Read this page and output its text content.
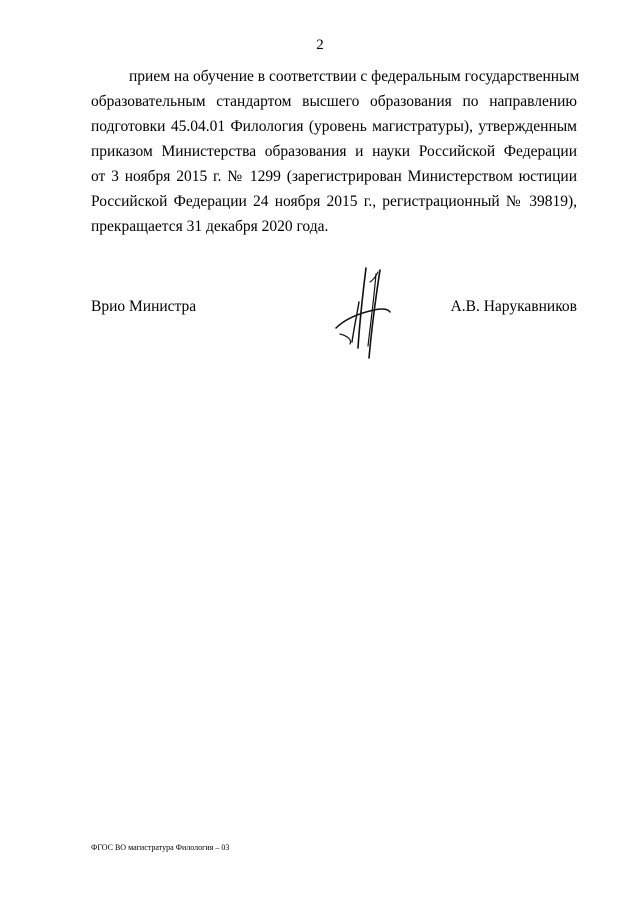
2
прием на обучение в соответствии с федеральным государственным
образовательным стандартом высшего образования по направлению
подготовки 45.04.01 Филология (уровень магистратуры), утвержденным
приказом Министерства образования и науки Российской Федерации
от 3 ноября 2015 г. № 1299 (зарегистрирован Министерством юстиции
Российской Федерации 24 ноября 2015 г., регистрационный № 39819),
прекращается 31 декабря 2020 года.
Врио Министра	А.В. Нарукавников
ФГОС ВО магистратура Филология – 03
